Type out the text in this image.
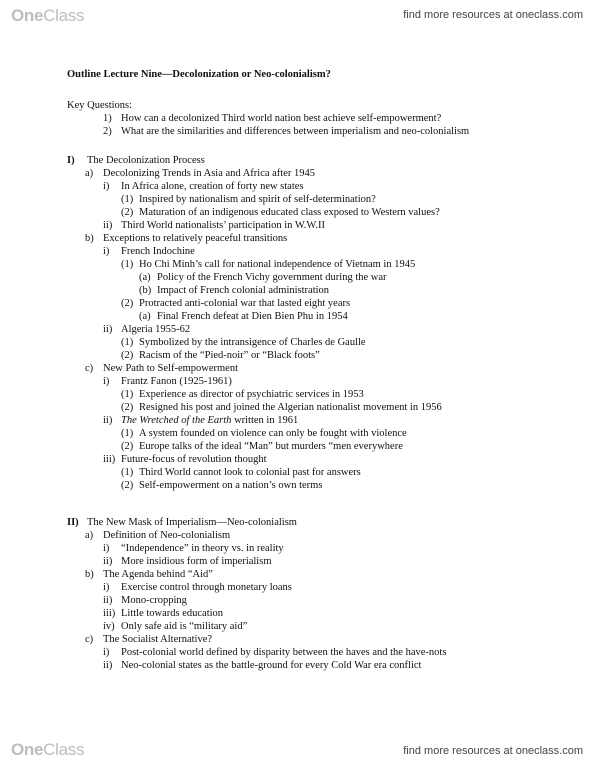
OneClass	find more resources at oneclass.com
Outline Lecture Nine—Decolonization or Neo-colonialism?
Key Questions:
1) How can a decolonized Third world nation best achieve self-empowerment?
2) What are the similarities and differences between imperialism and neo-colonialism
I) The Decolonization Process
a) Decolonizing Trends in Asia and Africa after 1945
i) In Africa alone, creation of forty new states
(1) Inspired by nationalism and spirit of self-determination?
(2) Maturation of an indigenous educated class exposed to Western values?
ii) Third World nationalists’ participation in W.W.II
b) Exceptions to relatively peaceful transitions
i) French Indochine
(1) Ho Chi Minh’s call for national independence of Vietnam in 1945
(a) Policy of the French Vichy government during the war
(b) Impact of French colonial administration
(2) Protracted anti-colonial war that lasted eight years
(a) Final French defeat at Dien Bien Phu in 1954
ii) Algeria 1955-62
(1) Symbolized by the intransigence of Charles de Gaulle
(2) Racism of the “Pied-noir” or “Black foots”
c) New Path to Self-empowerment
i) Frantz Fanon (1925-1961)
(1) Experience as director of psychiatric services in 1953
(2) Resigned his post and joined the Algerian nationalist movement in 1956
ii) The Wretched of the Earth written in 1961
(1) A system founded on violence can only be fought with violence
(2) Europe talks of the ideal “Man” but murders “men everywhere
iii) Future-focus of revolution thought
(1) Third World cannot look to colonial past for answers
(2) Self-empowerment on a nation’s own terms
II) The New Mask of Imperialism—Neo-colonialism
a) Definition of Neo-colonialism
i) “Independence” in theory vs. in reality
ii) More insidious form of imperialism
b) The Agenda behind “Aid”
i) Exercise control through monetary loans
ii) Mono-cropping
iii) Little towards education
iv) Only safe aid is “military aid”
c) The Socialist Alternative?
i) Post-colonial world defined by disparity between the haves and the have-nots
ii) Neo-colonial states as the battle-ground for every Cold War era conflict
OneClass	find more resources at oneclass.com
